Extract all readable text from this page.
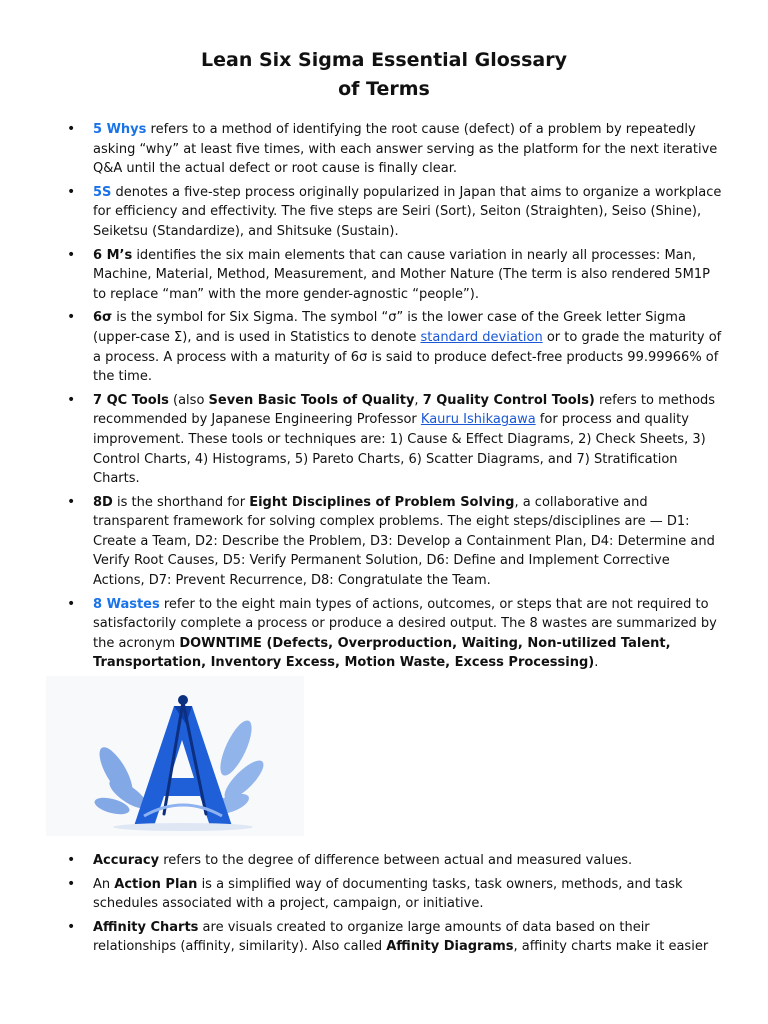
Lean Six Sigma Essential Glossary
of Terms
• 5 Whys refers to a method of identifying the root cause (defect) of a problem by repeatedly asking “why” at least five times, with each answer serving as the platform for the next iterative Q&A until the actual defect or root cause is finally clear.
• 5S denotes a five-step process originally popularized in Japan that aims to organize a workplace for efficiency and effectivity. The five steps are Seiri (Sort), Seiton (Straighten), Seiso (Shine), Seiketsu (Standardize), and Shitsuke (Sustain).
• 6 M’s identifies the six main elements that can cause variation in nearly all processes: Man, Machine, Material, Method, Measurement, and Mother Nature (The term is also rendered 5M1P to replace “man” with the more gender-agnostic “people”).
• 6σ is the symbol for Six Sigma. The symbol “σ” is the lower case of the Greek letter Sigma (upper-case Σ), and is used in Statistics to denote standard deviation or to grade the maturity of a process. A process with a maturity of 6σ is said to produce defect-free products 99.99966% of the time.
• 7 QC Tools (also Seven Basic Tools of Quality, 7 Quality Control Tools) refers to methods recommended by Japanese Engineering Professor Kauru Ishikagawa for process and quality improvement. These tools or techniques are: 1) Cause & Effect Diagrams, 2) Check Sheets, 3) Control Charts, 4) Histograms, 5) Pareto Charts, 6) Scatter Diagrams, and 7) Stratification Charts.
• 8D is the shorthand for Eight Disciplines of Problem Solving, a collaborative and transparent framework for solving complex problems. The eight steps/disciplines are — D1: Create a Team, D2: Describe the Problem, D3: Develop a Containment Plan, D4: Determine and Verify Root Causes, D5: Verify Permanent Solution, D6: Define and Implement Corrective Actions, D7: Prevent Recurrence, D8: Congratulate the Team.
• 8 Wastes refer to the eight main types of actions, outcomes, or steps that are not required to satisfactorily complete a process or produce a desired output. The 8 wastes are summarized by the acronym DOWNTIME (Defects, Overproduction, Waiting, Non-utilized Talent, Transportation, Inventory Excess, Motion Waste, Excess Processing).
• Accuracy refers to the degree of difference between actual and measured values.
• An Action Plan is a simplified way of documenting tasks, task owners, methods, and task schedules associated with a project, campaign, or initiative.
• Affinity Charts are visuals created to organize large amounts of data based on their relationships (affinity, similarity). Also called Affinity Diagrams, affinity charts make it easier
